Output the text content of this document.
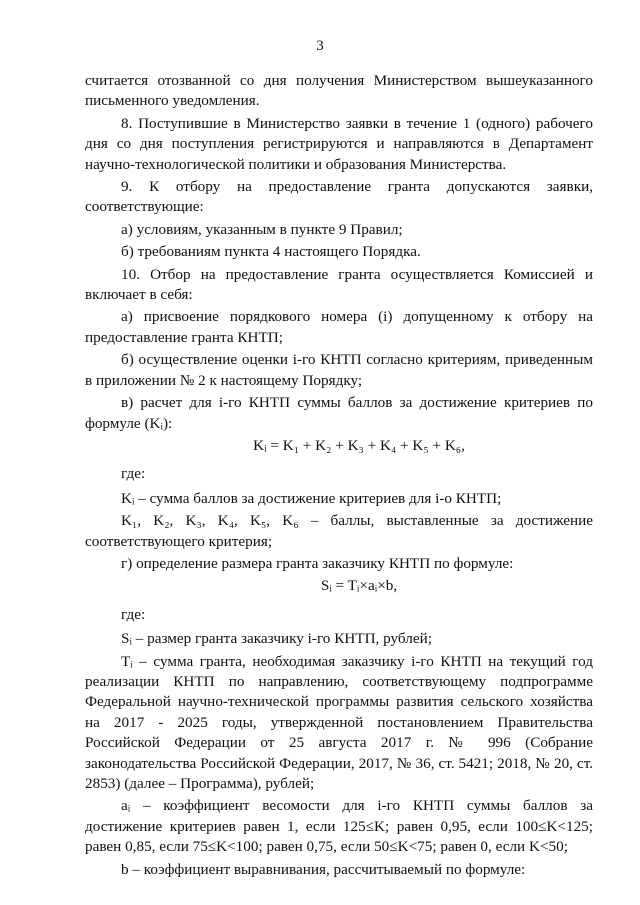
3

считается отозванной со дня получения Министерством вышеуказанного письменного уведомления.

8. Поступившие в Министерство заявки в течение 1 (одного) рабочего дня со дня поступления регистрируются и направляются в Департамент научно-технологической политики и образования Министерства.

9. К отбору на предоставление гранта допускаются заявки, соответствующие:

а) условиям, указанным в пункте 9 Правил;

б) требованиям пункта 4 настоящего Порядка.

10. Отбор на предоставление гранта осуществляется Комиссией и включает в себя:

а) присвоение порядкового номера (i) допущенному к отбору на предоставление гранта КНТП;

б) осуществление оценки i-го КНТП согласно критериям, приведенным в приложении № 2 к настоящему Порядку;

в) расчет для i-го КНТП суммы баллов за достижение критериев по формуле (Kᵢ):

Kᵢ = K₁ + K₂ + K₃ + K₄ + K₅ + K₆,

где:

Kᵢ – сумма баллов за достижение критериев для i-о КНТП;

K₁, K₂, K₃, K₄, K₅, K₆ – баллы, выставленные за достижение соответствующего критерия;

г) определение размера гранта заказчику КНТП по формуле:

Sᵢ = Tᵢ×aᵢ×b,

где:

Sᵢ – размер гранта заказчику i-го КНТП, рублей;

Tᵢ – сумма гранта, необходимая заказчику i-го КНТП на текущий год реализации КНТП по направлению, соответствующему подпрограмме Федеральной научно-технической программы развития сельского хозяйства на 2017 - 2025 годы, утвержденной постановлением Правительства Российской Федерации от 25 августа 2017 г. № 996 (Собрание законодательства Российской Федерации, 2017, № 36, ст. 5421; 2018, № 20, ст. 2853) (далее – Программа), рублей;

aᵢ – коэффициент весомости для i-го КНТП суммы баллов за достижение критериев равен 1, если 125≤K; равен 0,95, если 100≤K<125; равен 0,85, если 75≤K<100; равен 0,75, если 50≤K<75; равен 0, если K<50;

b – коэффициент выравнивания, рассчитываемый по формуле:
